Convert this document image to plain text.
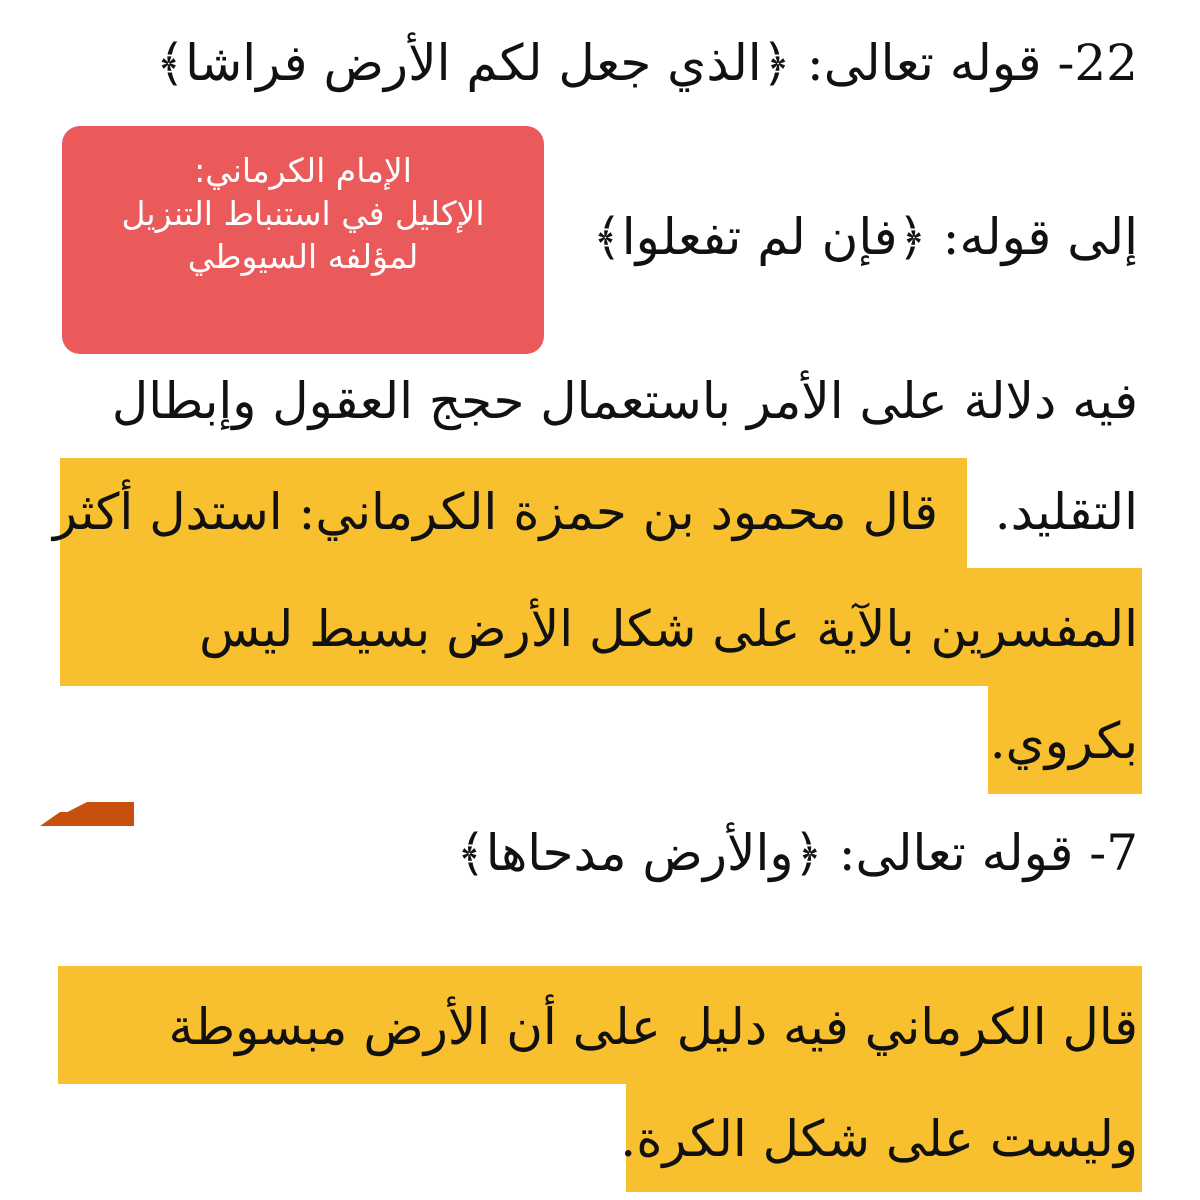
22- قوله تعالى: ﴿الذي جعل لكم الأرض فراشا﴾
الإمام الكرماني:
الإكليل في استنباط التنزيل
لمؤلفه السيوطي	إلى قوله: ﴿فإن لم تفعلوا﴾
فيه دلالة على الأمر باستعمال حجج العقول وإبطال
التقليد.
قال محمود بن حمزة الكرماني: استدل أكثر
المفسرين بالآية على شكل الأرض بسيط ليس
بكروي.
7- قوله تعالى: ﴿والأرض مدحاها﴾
قال الكرماني فيه دليل على أن الأرض مبسوطة
وليست على شكل الكرة.
